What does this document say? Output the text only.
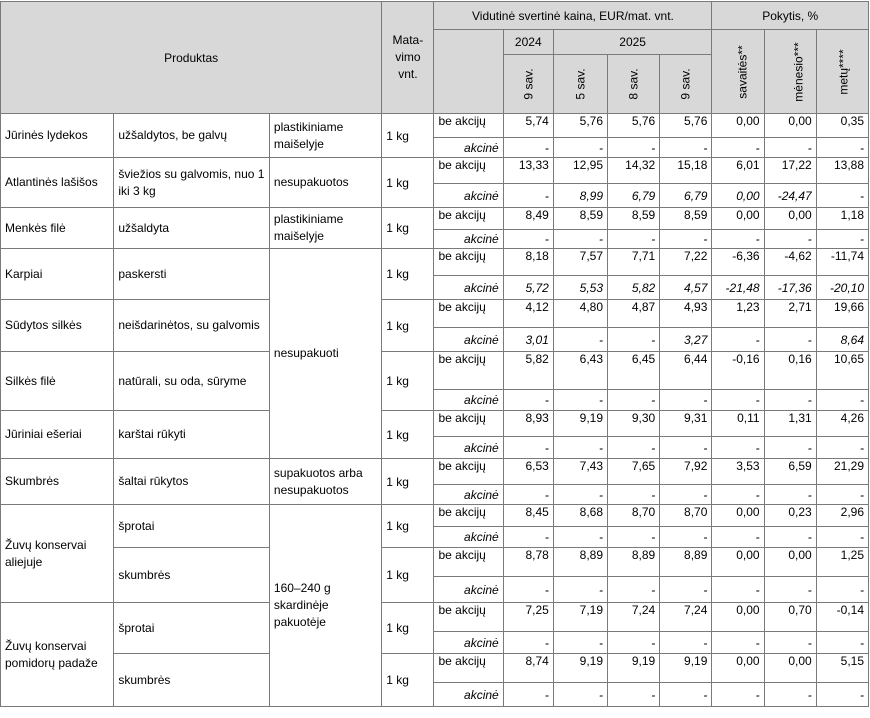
Produktas			Mata-
vimo
vnt.	Vidutinė svertinė kaina, EUR/mat. vnt.					Pokytis, %		
					2024	2025			savaitės**	mėnesio***	metų****
					9 sav.	5 sav.	8 sav.	9 sav.			
Jūrinės lydekos	užšaldytos, be galvų	plastikiniame maišelyje	1 kg	be akcijų	5,74	5,76	5,76	5,76	0,00	0,00	0,35
				akcinė	-	-	-	-	-	-	-
Atlantinės lašišos	šviežios su galvomis, nuo 1 iki 3 kg	nesupakuotos	1 kg	be akcijų	13,33	12,95	14,32	15,18	6,01	17,22	13,88
				akcinė	-	8,99	6,79	6,79	0,00	-24,47	-
Menkės filė	užšaldyta	plastikiniame maišelyje	1 kg	be akcijų	8,49	8,59	8,59	8,59	0,00	0,00	1,18
				akcinė	-	-	-	-	-	-	-
Karpiai	paskersti	nesupakuoti	1 kg	be akcijų	8,18	7,57	7,71	7,22	-6,36	-4,62	-11,74
				akcinė	5,72	5,53	5,82	4,57	-21,48	-17,36	-20,10
Sūdytos silkės	neišdarinėtos, su galvomis		1 kg	be akcijų	4,12	4,80	4,87	4,93	1,23	2,71	19,66
				akcinė	3,01	-	-	3,27	-	-	8,64
Silkės filė	natūrali, su oda, sūryme		1 kg	be akcijų	5,82	6,43	6,45	6,44	-0,16	0,16	10,65
				akcinė	-	-	-	-	-	-	-
Jūriniai ešeriai	karštai rūkyti		1 kg	be akcijų	8,93	9,19	9,30	9,31	0,11	1,31	4,26
				akcinė	-	-	-	-	-	-	-
Skumbrės	šaltai rūkytos	supakuotos arba nesupakuotos	1 kg	be akcijų	6,53	7,43	7,65	7,92	3,53	6,59	21,29
				akcinė	-	-	-	-	-	-	-
Žuvų konservai aliejuje	šprotai	160–240 g skardinėje pakuotėje	1 kg	be akcijų	8,45	8,68	8,70	8,70	0,00	0,23	2,96
				akcinė	-	-	-	-	-	-	-
	skumbrės		1 kg	be akcijų	8,78	8,89	8,89	8,89	0,00	0,00	1,25
				akcinė	-	-	-	-	-	-	-
Žuvų konservai pomidorų padaže	šprotai		1 kg	be akcijų	7,25	7,19	7,24	7,24	0,00	0,70	-0,14
				akcinė	-	-	-	-	-	-	-
	skumbrės		1 kg	be akcijų	8,74	9,19	9,19	9,19	0,00	0,00	5,15
				akcinė	-	-	-	-	-	-	-
